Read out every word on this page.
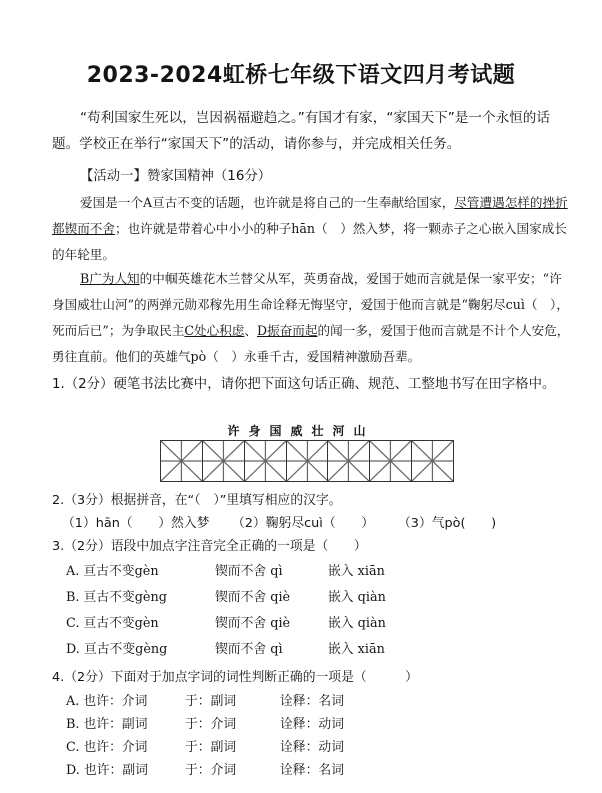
2023-2024虹桥七年级下语文四月考试题
“苟利国家生死以，岂因祸福避趋之。”有国才有家，“家国天下”是一个永恒的话题。学校正在举行“家国天下”的活动，请你参与，并完成相关任务。
【活动一】赞家国精神（16分）
爱国是一个A亘古不变的话题，也许就是将自己的一生奉献给国家，尽管遭遇怎样的挫折都锲而不舍；也许就是带着心中小小的种子hān（　）然入梦，将一颗赤子之心嵌入国家成长的年轮里。
B广为人知的中帼英雄花木兰替父从军，英勇奋战，爱国于她而言就是保一家平安；“许身国威壮山河”的两弹元勋邓稼先用生命诠释无悔坚守，爱国于他而言就是“鞠躬尽cuì（　），死而后已”；为争取民主C处心积虑、D振奋而起的闻一多，爱国于他而言就是不计个人安危，勇往直前。他们的英雄气pò（　）永垂千古，爱国精神激励吾辈。
1.（2分）硬笔书法比赛中，请你把下面这句话正确、规范、工整地书写在田字格中。
许身国威壮河山
2.（3分）根据拼音，在“（　）”里填写相应的汉字。
（1）hān（　　）然入梦 （2）鞠躬尽cuì（　　） （3）气pò(　　)
3.（2分）语段中加点字注音完全正确的一项是（　　）
A. 亘古不变gèn	锲而不舍 qì	嵌入 xiān
B. 亘古不变gèng	锲而不舍 qiè	嵌入 qiàn
C. 亘古不变gèn	锲而不舍 qiè	嵌入 qiàn
D. 亘古不变gèng	锲而不舍 qì	嵌入 xiān
4.（2分）下面对于加点字词的词性判断正确的一项是（　　　）
A. 也许：介词	于：副词	诠释：名词
B. 也许：副词	于：介词	诠释：动词
C. 也许：介词	于：副词	诠释：动词
D. 也许：副词	于：介词	诠释：名词
